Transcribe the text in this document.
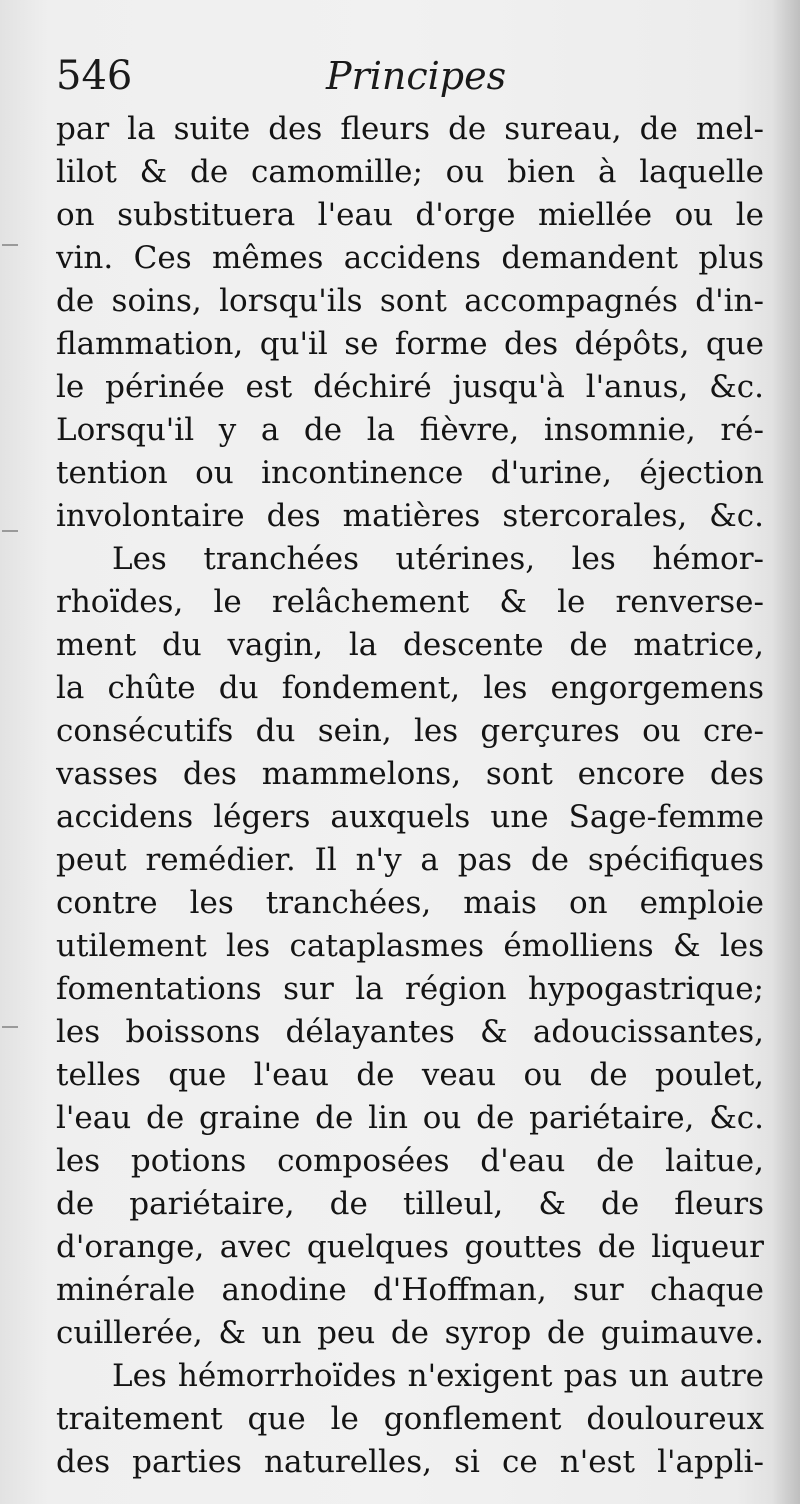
546	Principes
par la suite des fleurs de sureau, de mel-
lilot & de camomille; ou bien à laquelle
on substituera l'eau d'orge miellée ou le
vin. Ces mêmes accidens demandent plus
de soins, lorsqu'ils sont accompagnés d'in-
flammation, qu'il se forme des dépôts, que
le périnée est déchiré jusqu'à l'anus, &c.
Lorsqu'il y a de la fièvre, insomnie, ré-
tention ou incontinence d'urine, éjection
involontaire des matières stercorales, &c.
Les tranchées utérines, les hémor-
rhoïdes, le relâchement & le renverse-
ment du vagin, la descente de matrice,
la chûte du fondement, les engorgemens
consécutifs du sein, les gerçures ou cre-
vasses des mammelons, sont encore des
accidens légers auxquels une Sage-femme
peut remédier. Il n'y a pas de spécifiques
contre les tranchées, mais on emploie
utilement les cataplasmes émolliens & les
fomentations sur la région hypogastrique;
les boissons délayantes & adoucissantes,
telles que l'eau de veau ou de poulet,
l'eau de graine de lin ou de pariétaire, &c.
les potions composées d'eau de laitue,
de pariétaire, de tilleul, & de fleurs
d'orange, avec quelques gouttes de liqueur
minérale anodine d'Hoffman, sur chaque
cuillerée, & un peu de syrop de guimauve.
Les hémorrhoïdes n'exigent pas un autre
traitement que le gonflement douloureux
des parties naturelles, si ce n'est l'appli-
